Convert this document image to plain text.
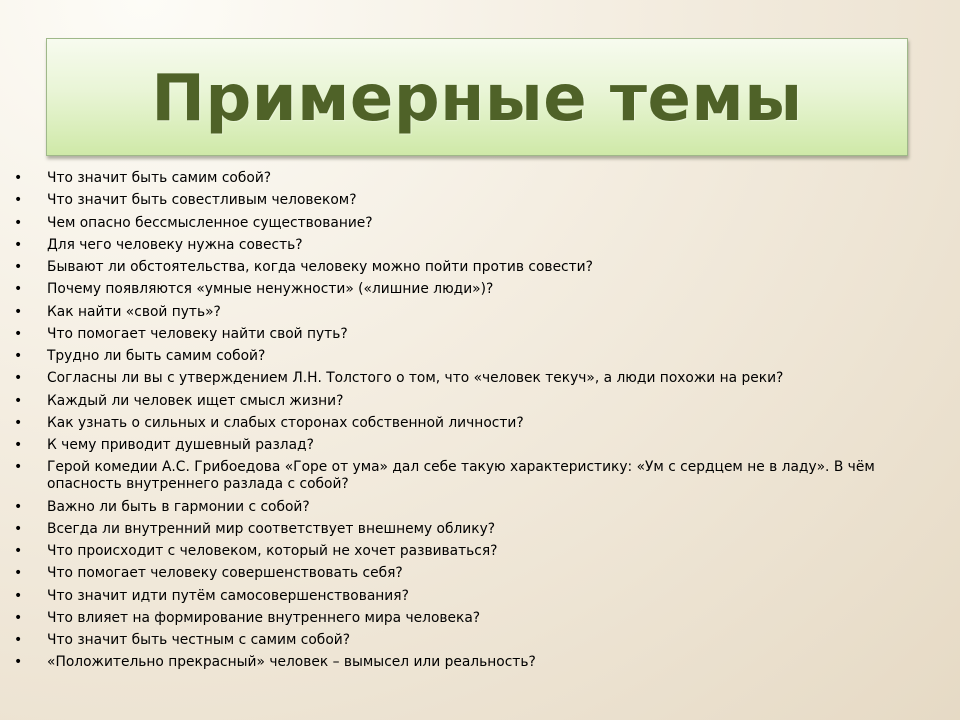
Примерные темы
• Что значит быть самим собой?
• Что значит быть совестливым человеком?
• Чем опасно бессмысленное существование?
• Для чего человеку нужна совесть?
• Бывают ли обстоятельства, когда человеку можно пойти против совести?
• Почему появляются «умные ненужности» («лишние люди»)?
• Как найти «свой путь»?
• Что помогает человеку найти свой путь?
• Трудно ли быть самим собой?
• Согласны ли вы с утверждением Л.Н. Толстого о том, что «человек текуч», а люди похожи на реки?
• Каждый ли человек ищет смысл жизни?
• Как узнать о сильных и слабых сторонах собственной личности?
• К чему приводит душевный разлад?
• Герой комедии А.С. Грибоедова «Горе от ума» дал себе такую характеристику: «Ум с сердцем не в ладу». В чём опасность внутреннего разлада с собой?
• Важно ли быть в гармонии с собой?
• Всегда ли внутренний мир соответствует внешнему облику?
• Что происходит с человеком, который не хочет развиваться?
• Что помогает человеку совершенствовать себя?
• Что значит идти путём самосовершенствования?
• Что влияет на формирование внутреннего мира человека?
• Что значит быть честным с самим собой?
• «Положительно прекрасный» человек – вымысел или реальность?
